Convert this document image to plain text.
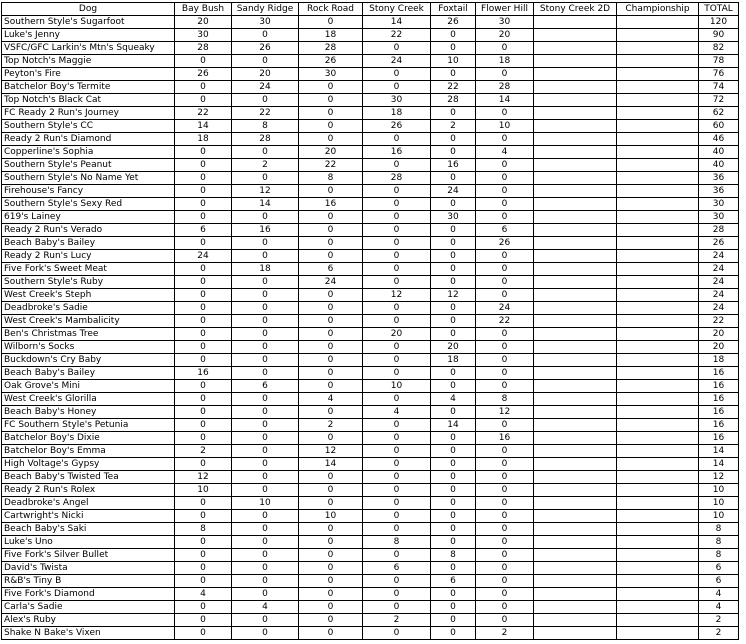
Dog	Bay Bush	Sandy Ridge	Rock Road	Stony Creek	Foxtail	Flower Hill	Stony Creek 2D	Championship	TOTAL
Southern Style's Sugarfoot	20	30	0	14	26	30			120
Luke's Jenny	30	0	18	22	0	20			90
VSFC/GFC Larkin's Mtn's Squeaky	28	26	28	0	0	0			82
Top Notch's Maggie	0	0	26	24	10	18			78
Peyton's Fire	26	20	30	0	0	0			76
Batchelor Boy's Termite	0	24	0	0	22	28			74
Top Notch's Black Cat	0	0	0	30	28	14			72
FC Ready 2 Run's Journey	22	22	0	18	0	0			62
Southern Style's CC	14	8	0	26	2	10			60
Ready 2 Run's Diamond	18	28	0	0	0	0			46
Copperline's Sophia	0	0	20	16	0	4			40
Southern Style's Peanut	0	2	22	0	16	0			40
Southern Style's No Name Yet	0	0	8	28	0	0			36
Firehouse's Fancy	0	12	0	0	24	0			36
Southern Style's Sexy Red	0	14	16	0	0	0			30
619's Lainey	0	0	0	0	30	0			30
Ready 2 Run's Verado	6	16	0	0	0	6			28
Beach Baby's Bailey	0	0	0	0	0	26			26
Ready 2 Run's Lucy	24	0	0	0	0	0			24
Five Fork's Sweet Meat	0	18	6	0	0	0			24
Southern Style's Ruby	0	0	24	0	0	0			24
West Creek's Steph	0	0	0	12	12	0			24
Deadbroke's Sadie	0	0	0	0	0	24			24
West Creek's Mambalicity	0	0	0	0	0	22			22
Ben's Christmas Tree	0	0	0	20	0	0			20
Wilborn's Socks	0	0	0	0	20	0			20
Buckdown's Cry Baby	0	0	0	0	18	0			18
Beach Baby's Bailey	16	0	0	0	0	0			16
Oak Grove's Mini	0	6	0	10	0	0			16
West Creek's Glorilla	0	0	4	0	4	8			16
Beach Baby's Honey	0	0	0	4	0	12			16
FC Southern Style's Petunia	0	0	2	0	14	0			16
Batchelor Boy's Dixie	0	0	0	0	0	16			16
Batchelor Boy's Emma	2	0	12	0	0	0			14
High Voltage's Gypsy	0	0	14	0	0	0			14
Beach Baby's Twisted Tea	12	0	0	0	0	0			12
Ready 2 Run's Rolex	10	0	0	0	0	0			10
Deadbroke's Angel	0	10	0	0	0	0			10
Cartwright's Nicki	0	0	10	0	0	0			10
Beach Baby's Saki	8	0	0	0	0	0			8
Luke's Uno	0	0	0	8	0	0			8
Five Fork's Silver Bullet	0	0	0	0	8	0			8
David's Twista	0	0	0	6	0	0			6
R&B's Tiny B	0	0	0	0	6	0			6
Five Fork's Diamond	4	0	0	0	0	0			4
Carla's Sadie	0	4	0	0	0	0			4
Alex's Ruby	0	0	0	2	0	0			2
Shake N Bake's Vixen	0	0	0	0	0	2			2
